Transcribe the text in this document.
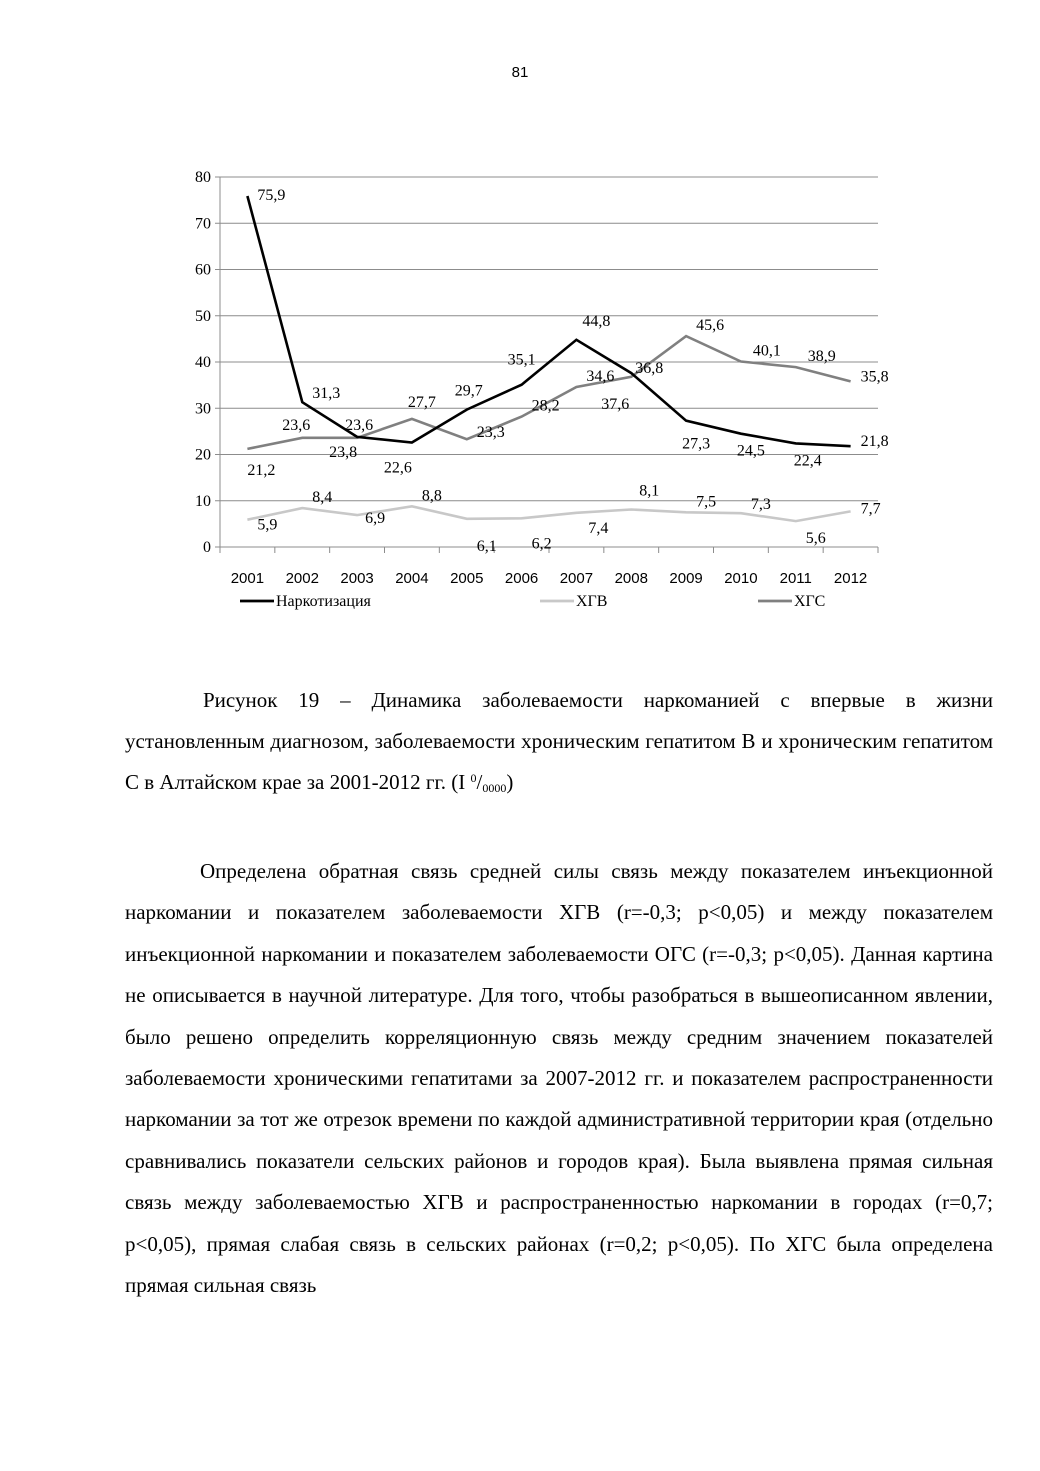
81
0
10
20
30
40
50
60
70
80
2001 2002 2003 2004 2005 2006 2007 2008 2009 2010 2011 2012
75,9
31,3
23,8
22,6
29,7
35,1
44,8
37,6
27,3 24,5
22,4
21,8
5,9
8,4
6,9
8,8
6,1 6,2
7,4
8,1
7,5 7,3
5,6
7,7
21,2
23,6 23,6
27,7
23,3
28,2
34,6 36,8
45,6
40,1 38,9
35,8
Наркотизация	ХГВ	ХГС

Рисунок 19 – Динамика заболеваемости наркоманией с впервые в жизни установленным диагнозом, заболеваемости хроническим гепатитом В и хроническим гепатитом С в Алтайском крае за 2001-2012 гг. (I $^0/_{0000}$)

Определена обратная связь средней силы связь между показателем инъекционной наркомании и показателем заболеваемости ХГВ (r=-0,3; p<0,05) и между показателем инъекционной наркомании и показателем заболеваемости ОГС (r=-0,3; p<0,05). Данная картина не описывается в научной литературе. Для того, чтобы разобраться в вышеописанном явлении, было решено определить корреляционную связь между средним значением показателей заболеваемости хроническими гепатитами за 2007-2012 гг. и показателем распространенности наркомании за тот же отрезок времени по каждой административной территории края (отдельно сравнивались показатели сельских районов и городов края). Была выявлена прямая сильная связь между заболеваемостью ХГВ и распространенностью наркомании в городах (r=0,7; p<0,05), прямая слабая связь в сельских районах (r=0,2; p<0,05). По ХГС была определена прямая сильная связь
